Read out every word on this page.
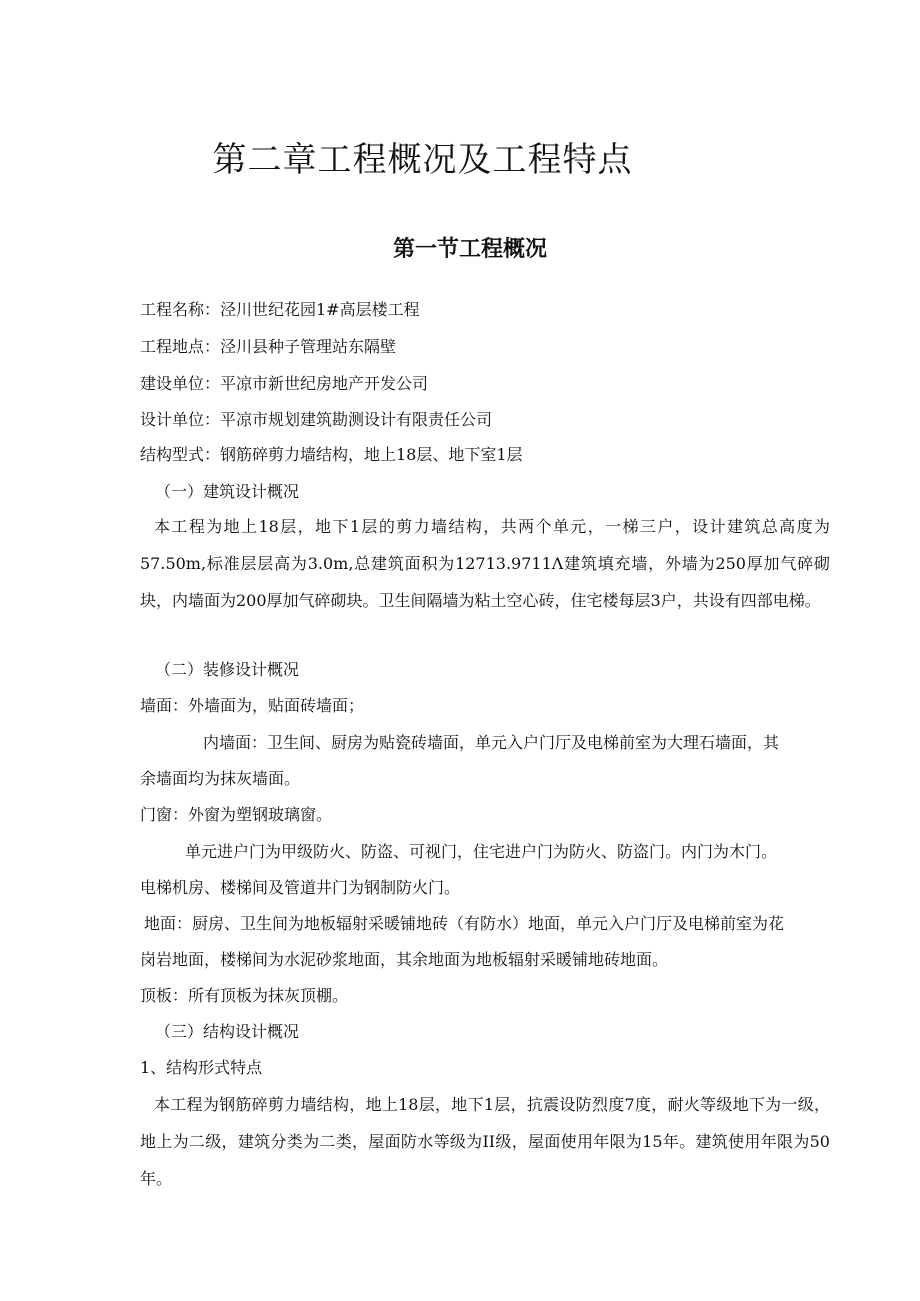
第二章工程概况及工程特点
第一节工程概况

工程名称：泾川世纪花园1#高层楼工程

工程地点：泾川县种子管理站东隔壁

建设单位：平凉市新世纪房地产开发公司

设计单位：平凉市规划建筑勘测设计有限责任公司

结构型式：钢筋碎剪力墙结构，地上18层、地下室1层

（一）建筑设计概况

本工程为地上18层，地下1层的剪力墙结构，共两个单元，一梯三户，设计建筑总高度为57.50m,标准层层高为3.0m,总建筑面积为12713.9711Λ建筑填充墙，外墙为250厚加气碎砌块，内墙面为200厚加气碎砌块。卫生间隔墙为粘土空心砖，住宅楼每层3户，共设有四部电梯。

（二）装修设计概况

墙面：外墙面为，贴面砖墙面；

内墙面：卫生间、厨房为贴瓷砖墙面，单元入户门厅及电梯前室为大理石墙面，其

余墙面均为抹灰墙面。

门窗：外窗为塑钢玻璃窗。

单元进户门为甲级防火、防盗、可视门，住宅进户门为防火、防盗门。内门为木门。

电梯机房、楼梯间及管道井门为钢制防火门。

地面：厨房、卫生间为地板辐射采暖铺地砖（有防水）地面，单元入户门厅及电梯前室为花

岗岩地面，楼梯间为水泥砂浆地面，其余地面为地板辐射采暖铺地砖地面。

顶板：所有顶板为抹灰顶棚。

（三）结构设计概况

1、结构形式特点

本工程为钢筋碎剪力墙结构，地上18层，地下1层，抗震设防烈度7度，耐火等级地下为一级，地上为二级，建筑分类为二类，屋面防水等级为II级，屋面使用年限为15年。建筑使用年限为50年。
